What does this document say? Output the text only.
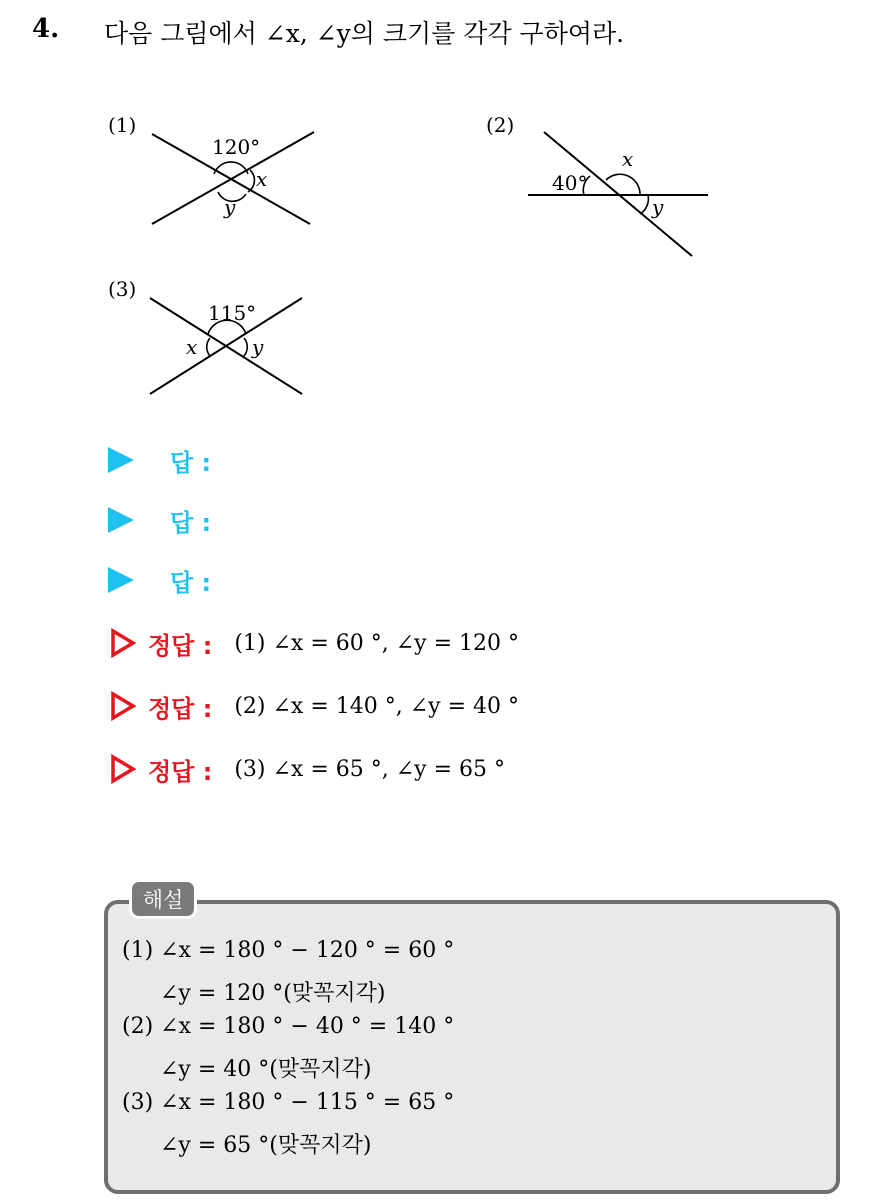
4. 다음 그림에서 ∠x, ∠y의 크기를 각각 구하여라.
(1)
120°
x
y
(2)
40°
x
y
(3)
115°
x	y
답 :
답 :
답 :
정답 : (1) ∠x = 60 °, ∠y = 120 °
정답 : (2) ∠x = 140 °, ∠y = 40 °
정답 : (3) ∠x = 65 °, ∠y = 65 °
해설
(1) ∠x = 180 ° − 120 ° = 60 °
∠y = 120 °(맞꼭지각)
(2) ∠x = 180 ° − 40 ° = 140 °
∠y = 40 °(맞꼭지각)
(3) ∠x = 180 ° − 115 ° = 65 °
∠y = 65 °(맞꼭지각)
